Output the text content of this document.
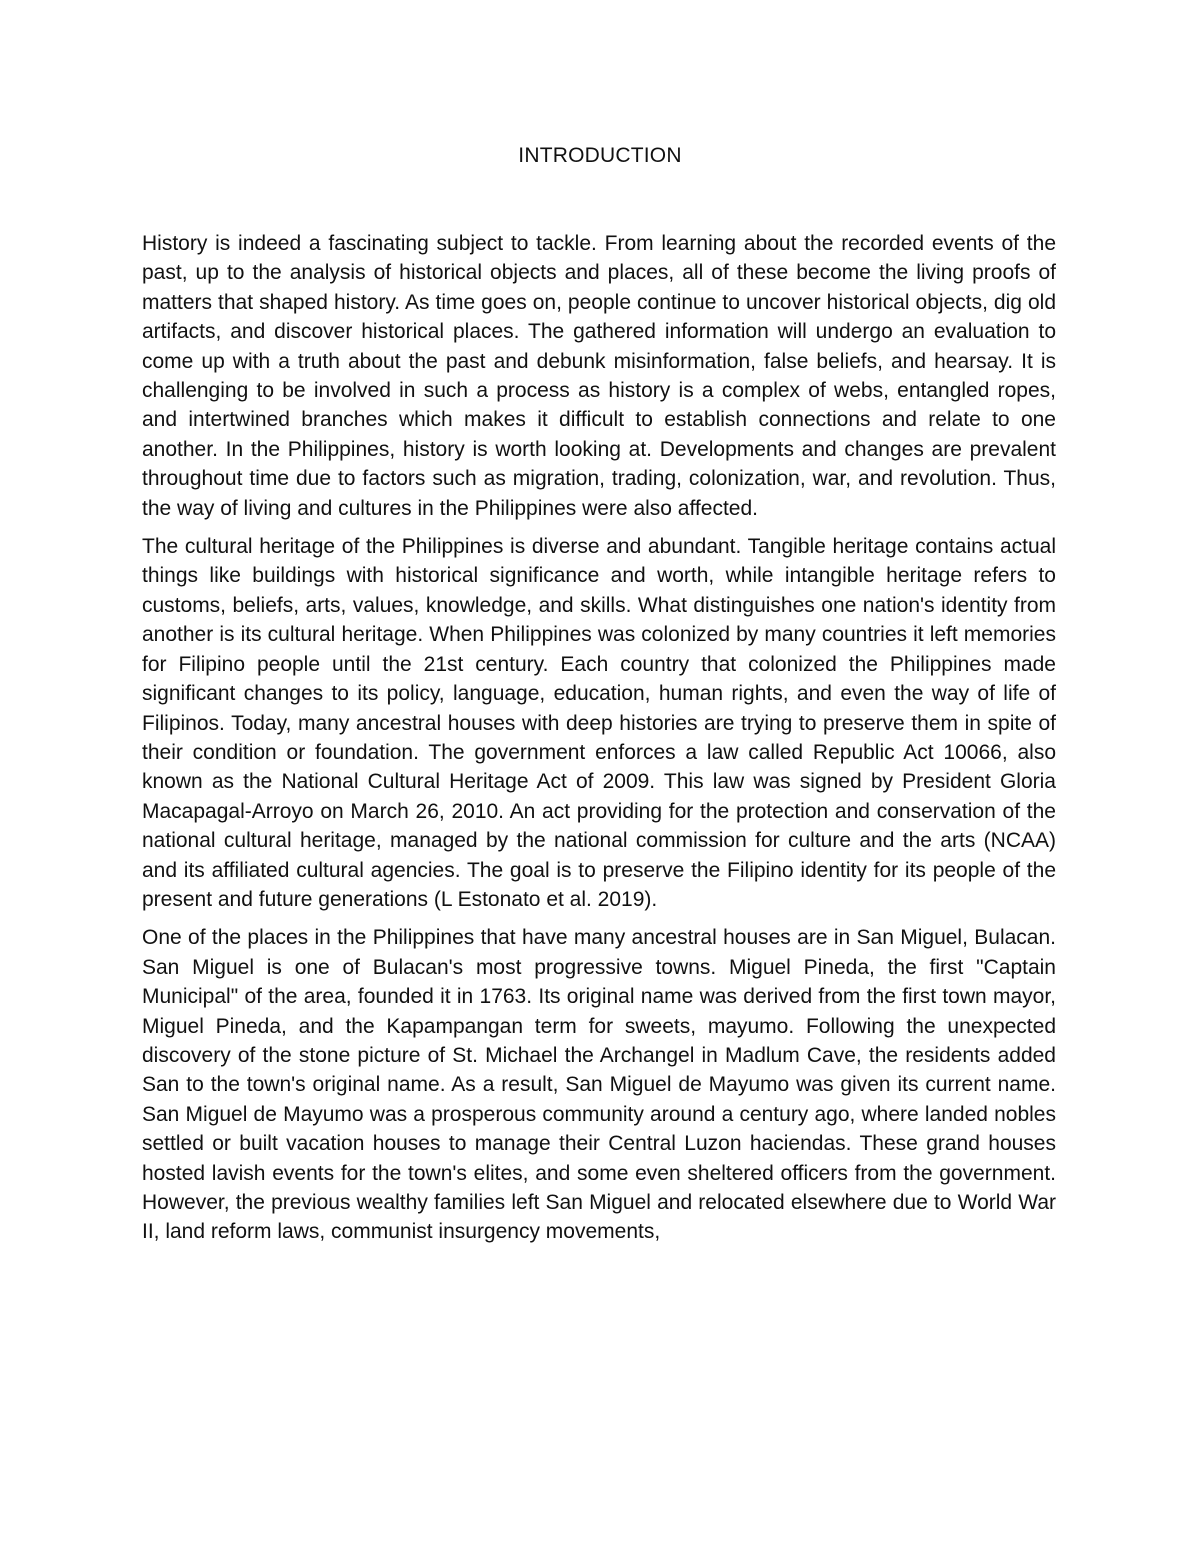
INTRODUCTION

History is indeed a fascinating subject to tackle. From learning about the recorded events of the past, up to the analysis of historical objects and places, all of these become the living proofs of matters that shaped history. As time goes on, people continue to uncover historical objects, dig old artifacts, and discover historical places. The gathered information will undergo an evaluation to come up with a truth about the past and debunk misinformation, false beliefs, and hearsay. It is challenging to be involved in such a process as history is a complex of webs, entangled ropes, and intertwined branches which makes it difficult to establish connections and relate to one another. In the Philippines, history is worth looking at. Developments and changes are prevalent throughout time due to factors such as migration, trading, colonization, war, and revolution. Thus, the way of living and cultures in the Philippines were also affected.

The cultural heritage of the Philippines is diverse and abundant. Tangible heritage contains actual things like buildings with historical significance and worth, while intangible heritage refers to customs, beliefs, arts, values, knowledge, and skills. What distinguishes one nation's identity from another is its cultural heritage. When Philippines was colonized by many countries it left memories for Filipino people until the 21st century. Each country that colonized the Philippines made significant changes to its policy, language, education, human rights, and even the way of life of Filipinos. Today, many ancestral houses with deep histories are trying to preserve them in spite of their condition or foundation. The government enforces a law called Republic Act 10066, also known as the National Cultural Heritage Act of 2009. This law was signed by President Gloria Macapagal-Arroyo on March 26, 2010. An act providing for the protection and conservation of the national cultural heritage, managed by the national commission for culture and the arts (NCAA) and its affiliated cultural agencies. The goal is to preserve the Filipino identity for its people of the present and future generations (L Estonato et al. 2019).

One of the places in the Philippines that have many ancestral houses are in San Miguel, Bulacan. San Miguel is one of Bulacan's most progressive towns. Miguel Pineda, the first "Captain Municipal" of the area, founded it in 1763. Its original name was derived from the first town mayor, Miguel Pineda, and the Kapampangan term for sweets, mayumo. Following the unexpected discovery of the stone picture of St. Michael the Archangel in Madlum Cave, the residents added San to the town's original name. As a result, San Miguel de Mayumo was given its current name. San Miguel de Mayumo was a prosperous community around a century ago, where landed nobles settled or built vacation houses to manage their Central Luzon haciendas. These grand houses hosted lavish events for the town's elites, and some even sheltered officers from the government. However, the previous wealthy families left San Miguel and relocated elsewhere due to World War II, land reform laws, communist insurgency movements,
